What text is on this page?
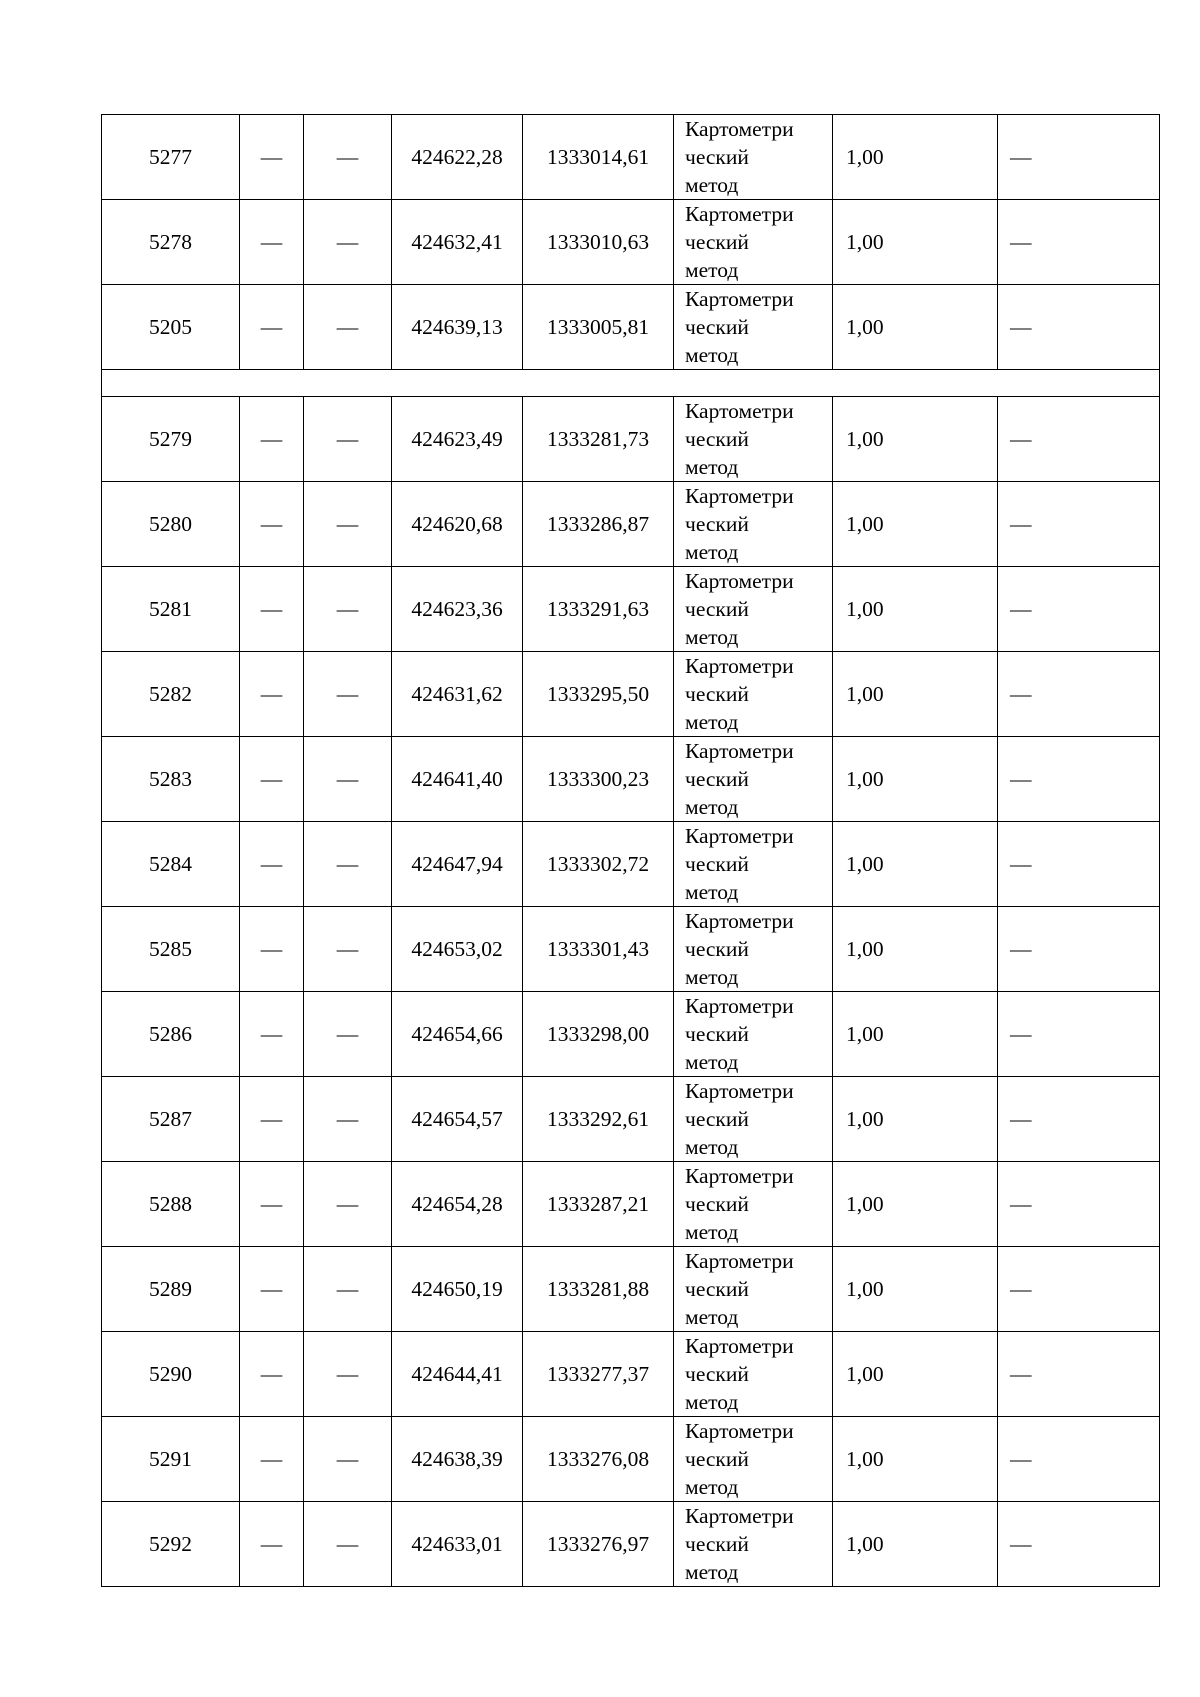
5277	—	—	424622,28	1333014,61	Картометри
ческий
метод	1,00	—
5278	—	—	424632,41	1333010,63	Картометри
ческий
метод	1,00	—
5205	—	—	424639,13	1333005,81	Картометри
ческий
метод	1,00	—

5279	—	—	424623,49	1333281,73	Картометри
ческий
метод	1,00	—
5280	—	—	424620,68	1333286,87	Картометри
ческий
метод	1,00	—
5281	—	—	424623,36	1333291,63	Картометри
ческий
метод	1,00	—
5282	—	—	424631,62	1333295,50	Картометри
ческий
метод	1,00	—
5283	—	—	424641,40	1333300,23	Картометри
ческий
метод	1,00	—
5284	—	—	424647,94	1333302,72	Картометри
ческий
метод	1,00	—
5285	—	—	424653,02	1333301,43	Картометри
ческий
метод	1,00	—
5286	—	—	424654,66	1333298,00	Картометри
ческий
метод	1,00	—
5287	—	—	424654,57	1333292,61	Картометри
ческий
метод	1,00	—
5288	—	—	424654,28	1333287,21	Картометри
ческий
метод	1,00	—
5289	—	—	424650,19	1333281,88	Картометри
ческий
метод	1,00	—
5290	—	—	424644,41	1333277,37	Картометри
ческий
метод	1,00	—
5291	—	—	424638,39	1333276,08	Картометри
ческий
метод	1,00	—
5292	—	—	424633,01	1333276,97	Картометри
ческий
метод	1,00	—
